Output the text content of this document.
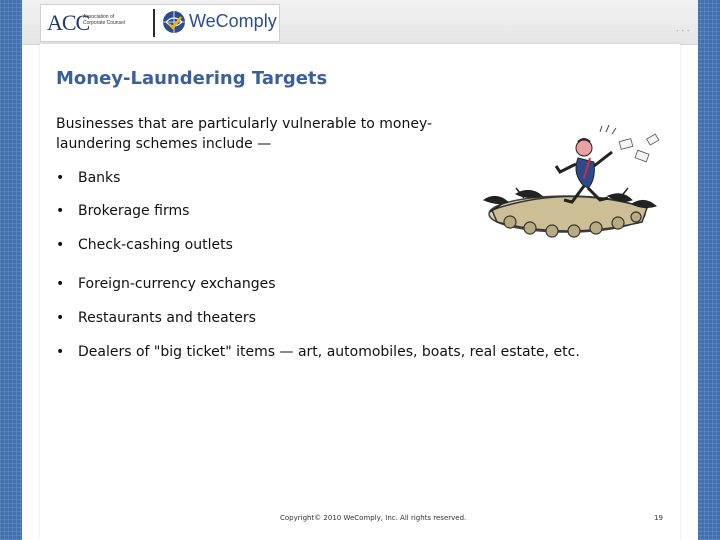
ACC
Association of Corporate Counsel	WeComply
• • •
Money-Laundering Targets
Businesses that are particularly vulnerable to money-laundering schemes include —
• Banks
• Brokerage firms
• Check-cashing outlets
• Foreign-currency exchanges
• Restaurants and theaters
• Dealers of "big ticket" items — art, automobiles, boats, real estate, etc.
Copyright© 2010 WeComply, Inc. All rights reserved.	19
